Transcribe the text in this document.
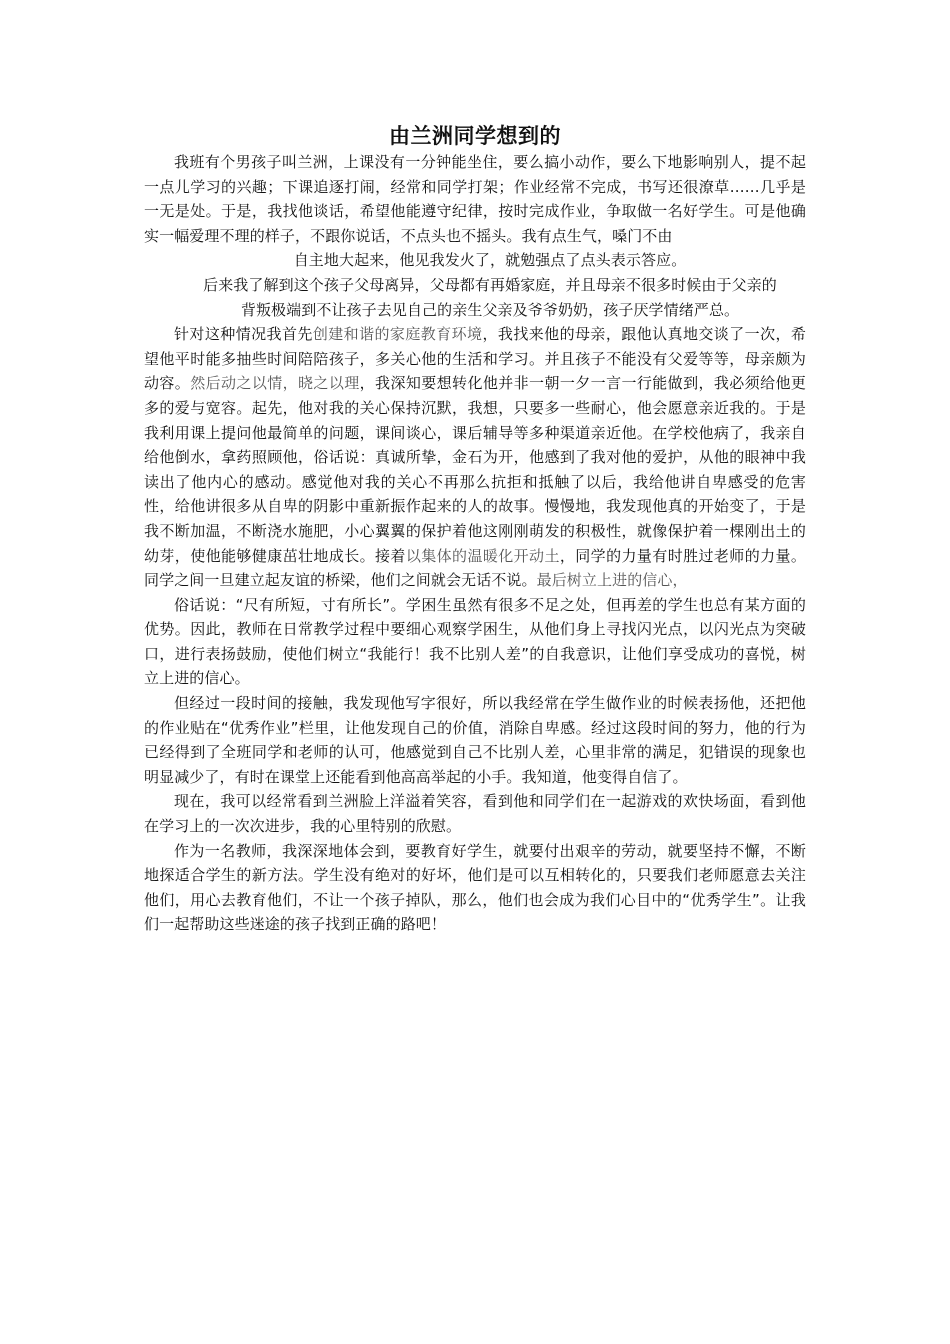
由兰洲同学想到的

我班有个男孩子叫兰洲，上课没有一分钟能坐住，要么搞小动作，要么下地影响别人，提不起一点儿学习的兴趣；下课追逐打闹，经常和同学打架；作业经常不完成，书写还很潦草……几乎是一无是处。于是，我找他谈话，希望他能遵守纪律，按时完成作业，争取做一名好学生。可是他确实一幅爱理不理的样子，不跟你说话，不点头也不摇头。我有点生气，嗓门不由

自主地大起来，他见我发火了，就勉强点了点头表示答应。

后来我了解到这个孩子父母离异，父母都有再婚家庭，并且母亲不很多时候由于父亲的

背叛极端到不让孩子去见自己的亲生父亲及爷爷奶奶，孩子厌学情绪严总。

针对这种情况我首先创建和谐的家庭教育环境，我找来他的母亲，跟他认真地交谈了一次，希望他平时能多抽些时间陪陪孩子，多关心他的生活和学习。并且孩子不能没有父爱等等，母亲颇为动容。然后动之以情，晓之以理，我深知要想转化他并非一朝一夕一言一行能做到，我必须给他更多的爱与宽容。起先，他对我的关心保持沉默，我想，只要多一些耐心，他会愿意亲近我的。于是我利用课上提问他最简单的问题，课间谈心，课后辅导等多种渠道亲近他。在学校他病了，我亲自给他倒水，拿药照顾他，俗话说：真诚所挚，金石为开，他感到了我对他的爱护，从他的眼神中我读出了他内心的感动。感觉他对我的关心不再那么抗拒和抵触了以后，我给他讲自卑感受的危害性，给他讲很多从自卑的阴影中重新振作起来的人的故事。慢慢地，我发现他真的开始变了，于是我不断加温，不断浇水施肥，小心翼翼的保护着他这刚刚萌发的积极性，就像保护着一棵刚出土的幼芽，使他能够健康茁壮地成长。接着以集体的温暖化开动土，同学的力量有时胜过老师的力量。同学之间一旦建立起友谊的桥梁，他们之间就会无话不说。最后树立上进的信心，

俗话说：“尺有所短，寸有所长”。学困生虽然有很多不足之处，但再差的学生也总有某方面的优势。因此，教师在日常教学过程中要细心观察学困生，从他们身上寻找闪光点，以闪光点为突破口，进行表扬鼓励，使他们树立“我能行！我不比别人差”的自我意识，让他们享受成功的喜悦，树立上进的信心。

但经过一段时间的接触，我发现他写字很好，所以我经常在学生做作业的时候表扬他，还把他的作业贴在“优秀作业”栏里，让他发现自己的价值，消除自卑感。经过这段时间的努力，他的行为已经得到了全班同学和老师的认可，他感觉到自己不比别人差，心里非常的满足，犯错误的现象也明显减少了，有时在课堂上还能看到他高高举起的小手。我知道，他变得自信了。

现在，我可以经常看到兰洲脸上洋溢着笑容，看到他和同学们在一起游戏的欢快场面，看到他在学习上的一次次进步，我的心里特别的欣慰。

作为一名教师，我深深地体会到，要教育好学生，就要付出艰辛的劳动，就要坚持不懈，不断地探适合学生的新方法。学生没有绝对的好坏，他们是可以互相转化的，只要我们老师愿意去关注他们，用心去教育他们，不让一个孩子掉队，那么，他们也会成为我们心目中的“优秀学生”。让我们一起帮助这些迷途的孩子找到正确的路吧！
